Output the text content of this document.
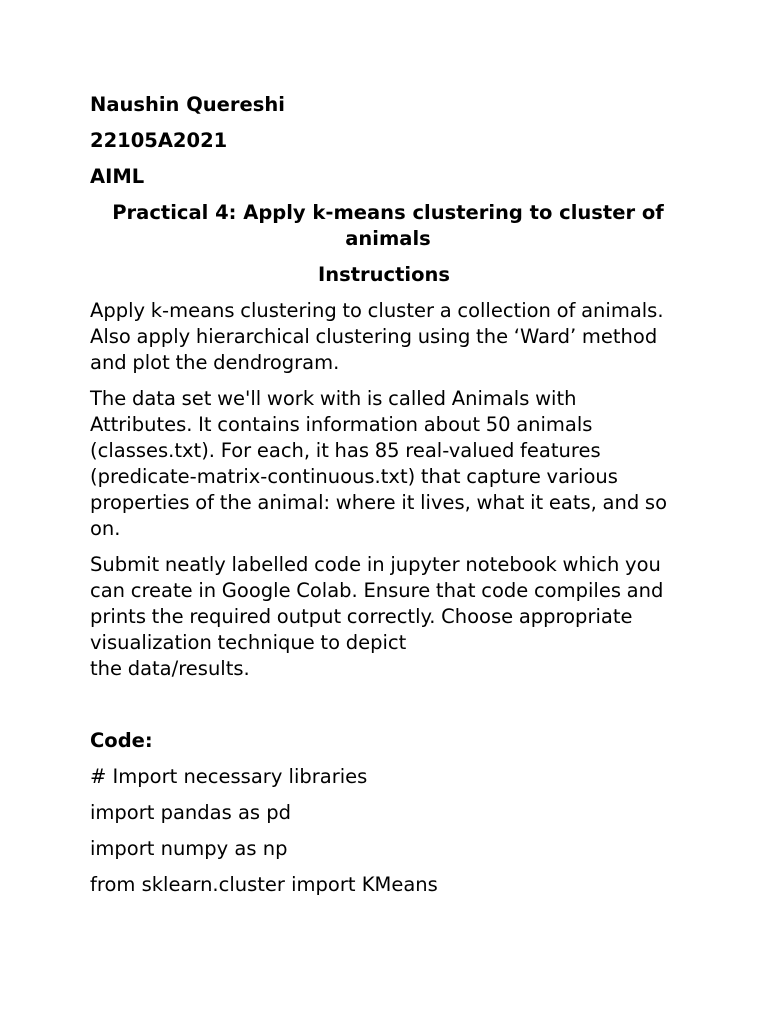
Naushin Quereshi
22105A2021
AIML
Practical 4: Apply k-means clustering to cluster of animals
Instructions
Apply k-means clustering to cluster a collection of animals. Also apply hierarchical clustering using the ‘Ward’ method and plot the dendrogram.
The data set we'll work with is called Animals with Attributes. It contains information about 50 animals (classes.txt). For each, it has 85 real-valued features (predicate-matrix-continuous.txt) that capture various properties of the animal: where it lives, what it eats, and so on.
Submit neatly labelled code in jupyter notebook which you can create in Google Colab. Ensure that code compiles and prints the required output correctly. Choose appropriate visualization technique to depict
the data/results.
Code:
# Import necessary libraries
import pandas as pd
import numpy as np
from sklearn.cluster import KMeans
